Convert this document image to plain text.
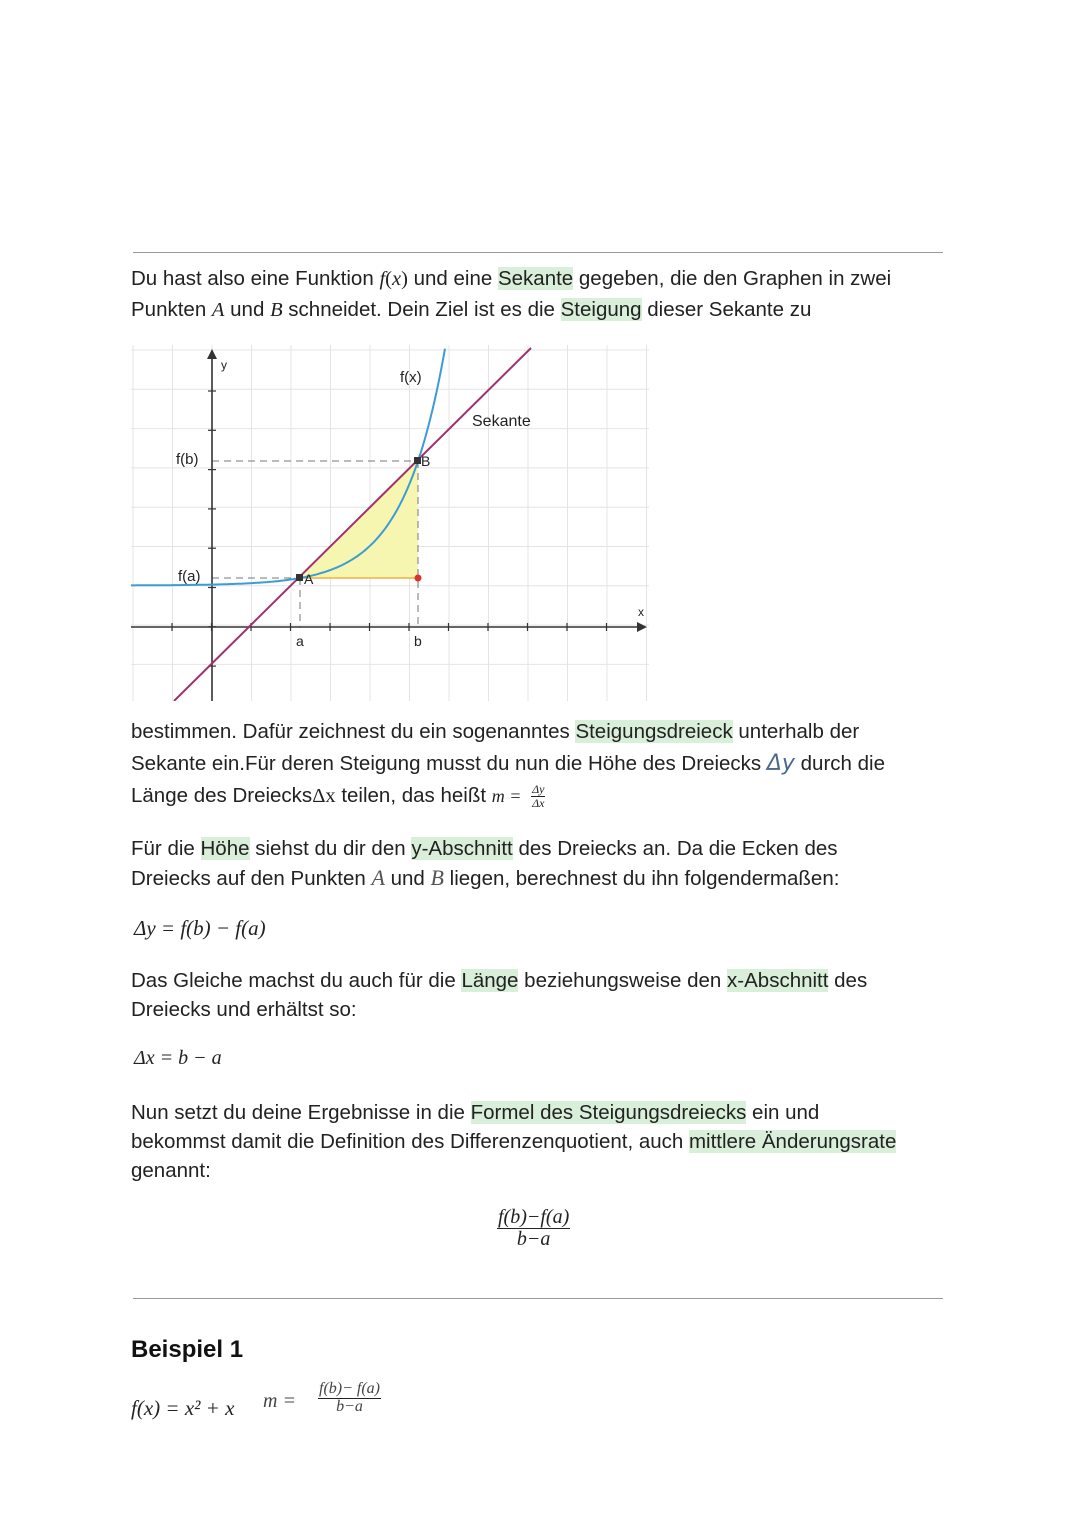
Du hast also eine Funktion f(x) und eine Sekante gegeben, die den Graphen in zwei
Punkten A und B schneidet. Dein Ziel ist es die Steigung dieser Sekante zu
y
x
f(x)
Sekante
f(b)
f(a)	A
B
a	b
bestimmen. Dafür zeichnest du ein sogenanntes Steigungsdreieck unterhalb der
Sekante ein.Für deren Steigung musst du nun die Höhe des Dreiecks Δy durch die
Länge des DreiecksΔx teilen, das heißt $m = \frac{\Delta y}{\Delta x}$
Für die Höhe siehst du dir den y-Abschnitt des Dreiecks an. Da die Ecken des
Dreiecks auf den Punkten A und B liegen, berechnest du ihn folgendermaßen:
Δy = f(b) − f(a)
Das Gleiche machst du auch für die Länge beziehungsweise den x-Abschnitt des
Dreiecks und erhältst so:
Δx = b − a
Nun setzt du deine Ergebnisse in die Formel des Steigungsdreiecks ein und
bekommst damit die Definition des Differenzenquotient, auch mittlere Änderungsrate
genannt:
$\frac{f(b)-f(a)}{b-a}$
Beispiel 1
f(x) = x² + x $m = \frac{f(b)- f(a)}{b-a}$
